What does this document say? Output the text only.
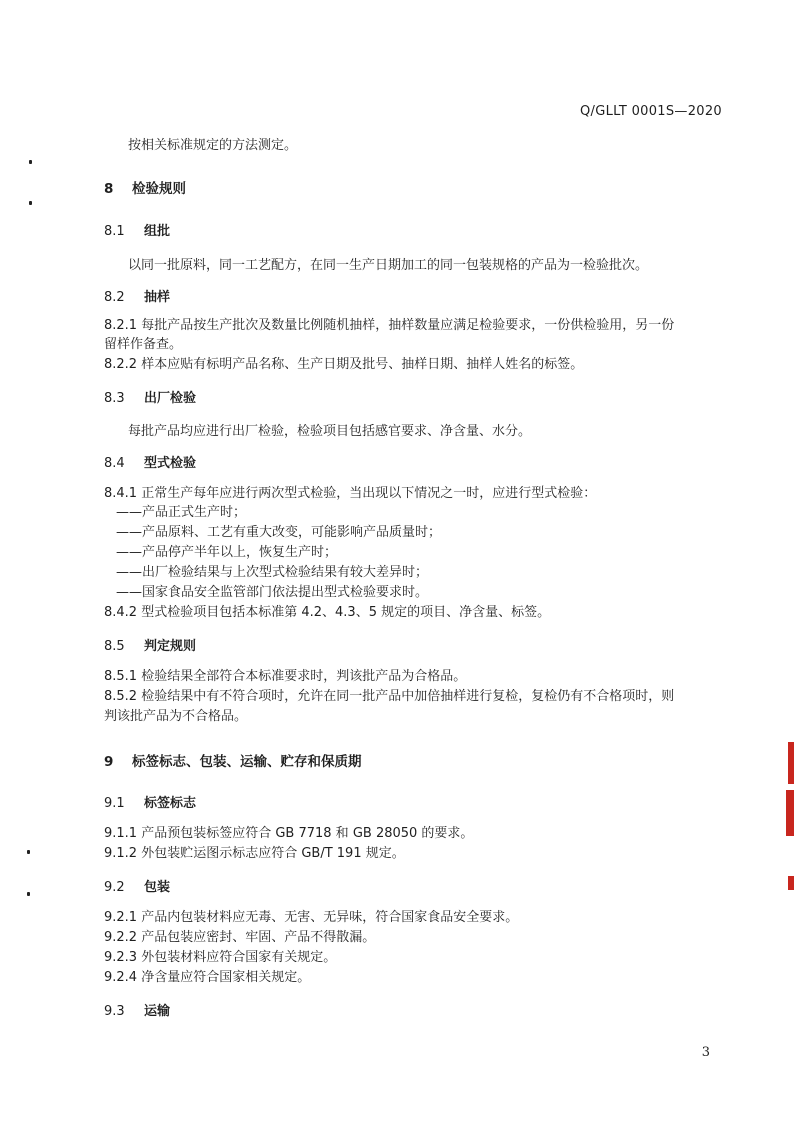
Q/GLLT 0001S—2020
按相关标准规定的方法测定。
8 检验规则
8.1 组批
以同一批原料，同一工艺配方，在同一生产日期加工的同一包装规格的产品为一检验批次。
8.2 抽样
8.2.1 每批产品按生产批次及数量比例随机抽样，抽样数量应满足检验要求，一份供检验用，另一份
留样作备查。
8.2.2 样本应贴有标明产品名称、生产日期及批号、抽样日期、抽样人姓名的标签。
8.3 出厂检验
每批产品均应进行出厂检验，检验项目包括感官要求、净含量、水分。
8.4 型式检验
8.4.1 正常生产每年应进行两次型式检验，当出现以下情况之一时，应进行型式检验：
——产品正式生产时；
——产品原料、工艺有重大改变，可能影响产品质量时；
——产品停产半年以上，恢复生产时；
——出厂检验结果与上次型式检验结果有较大差异时；
——国家食品安全监管部门依法提出型式检验要求时。
8.4.2 型式检验项目包括本标准第 4.2、4.3、5 规定的项目、净含量、标签。
8.5 判定规则
8.5.1 检验结果全部符合本标准要求时，判该批产品为合格品。
8.5.2 检验结果中有不符合项时，允许在同一批产品中加倍抽样进行复检，复检仍有不合格项时，则
判该批产品为不合格品。
9 标签标志、包装、运输、贮存和保质期
9.1 标签标志
9.1.1 产品预包装标签应符合 GB 7718 和 GB 28050 的要求。
9.1.2 外包装贮运图示标志应符合 GB/T 191 规定。
9.2 包装
9.2.1 产品内包装材料应无毒、无害、无异味，符合国家食品安全要求。
9.2.2 产品包装应密封、牢固、产品不得散漏。
9.2.3 外包装材料应符合国家有关规定。
9.2.4 净含量应符合国家相关规定。
9.3 运输
3
